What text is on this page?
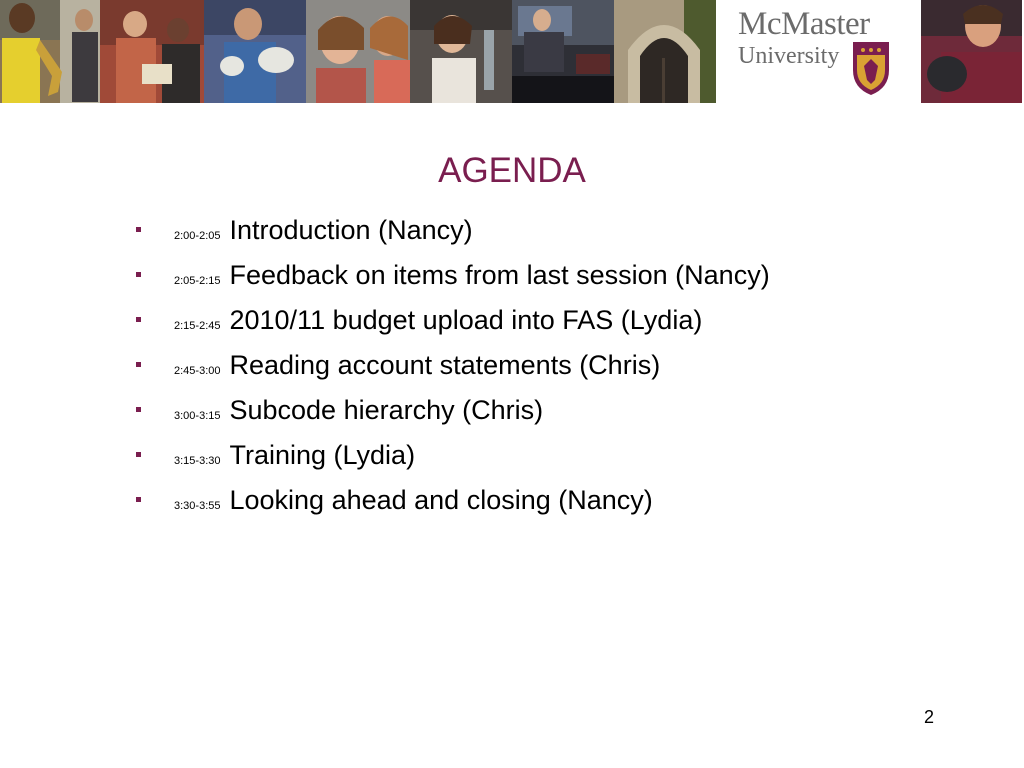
McMaster
University
AGENDA
2:00-2:05 Introduction (Nancy)
2:05-2:15 Feedback on items from last session (Nancy)
2:15-2:45 2010/11 budget upload into FAS (Lydia)
2:45-3:00 Reading account statements (Chris)
3:00-3:15 Subcode hierarchy (Chris)
3:15-3:30 Training (Lydia)
3:30-3:55 Looking ahead and closing (Nancy)
2
